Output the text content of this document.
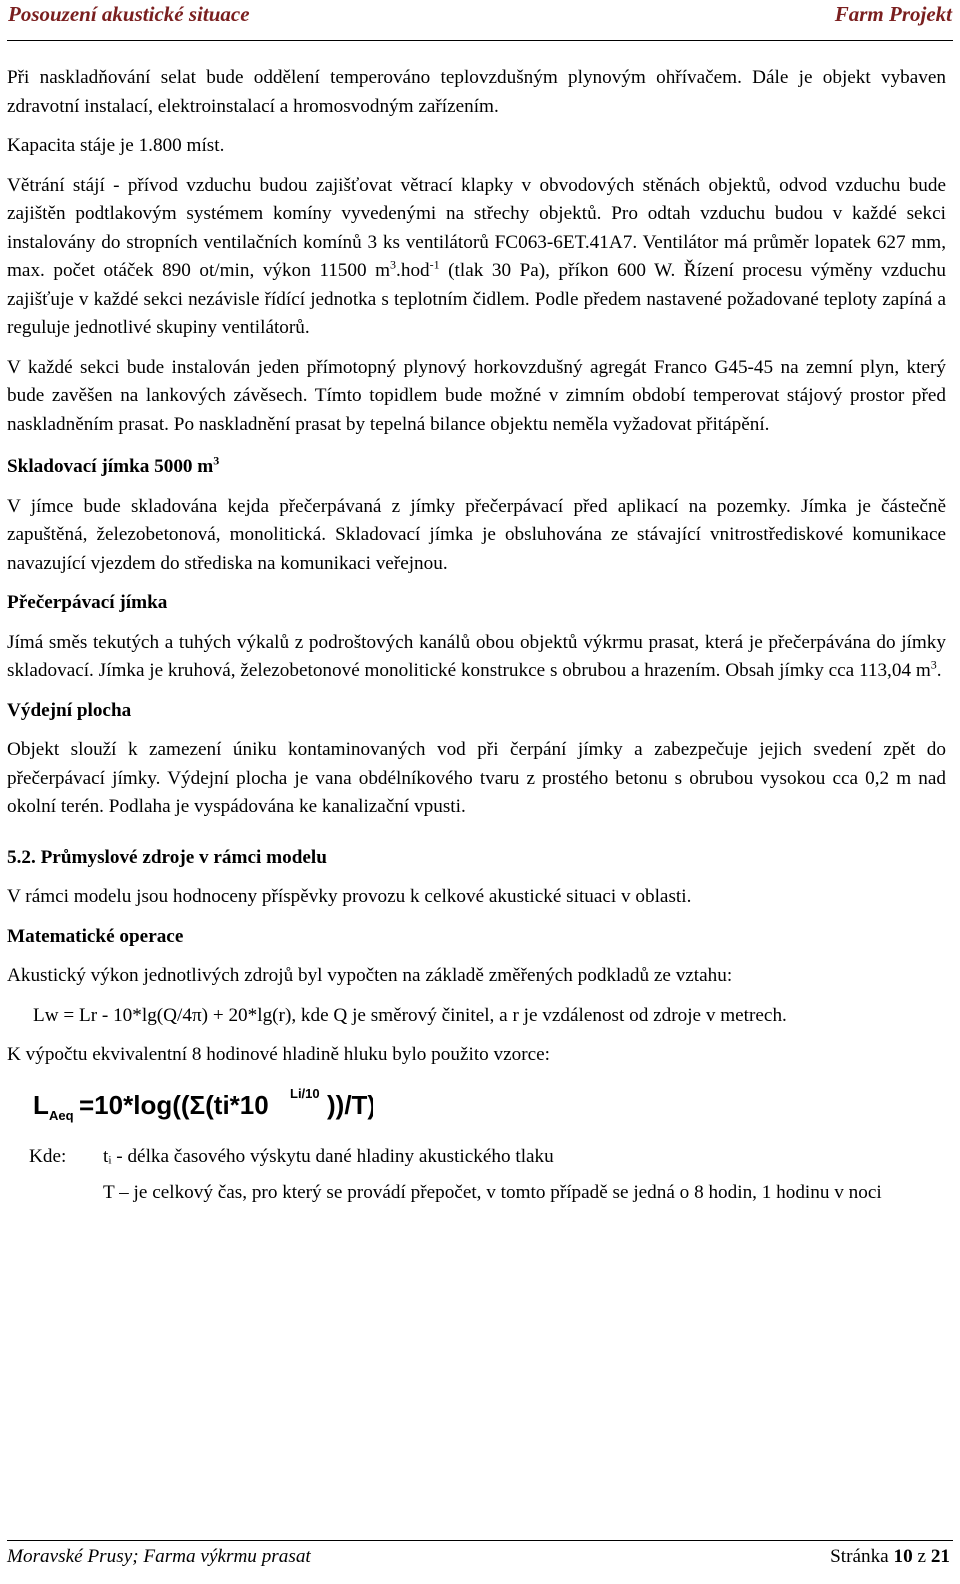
Posouzení akustické situace	Farm Projekt

Při naskladňování selat bude oddělení temperováno teplovzdušným plynovým ohřívačem. Dále je objekt vybaven zdravotní instalací, elektroinstalací a hromosvodným zařízením.

Kapacita stáje je 1.800 míst.

Větrání stájí - přívod vzduchu budou zajišťovat větrací klapky v obvodových stěnách objektů, odvod vzduchu bude zajištěn podtlakovým systémem komíny vyvedenými na střechy objektů. Pro odtah vzduchu budou v každé sekci instalovány do stropních ventilačních komínů 3 ks ventilátorů FC063-6ET.41A7. Ventilátor má průměr lopatek 627 mm, max. počet otáček 890 ot/min, výkon 11500 $m^3.hod^{-1}$ (tlak 30 Pa), příkon 600 W. Řízení procesu výměny vzduchu zajišťuje v každé sekci nezávisle řídící jednotka s teplotním čidlem. Podle předem nastavené požadované teploty zapíná a reguluje jednotlivé skupiny ventilátorů.

V každé sekci bude instalován jeden přímotopný plynový horkovzdušný agregát Franco G45-45 na zemní plyn, který bude zavěšen na lankových závěsech. Tímto topidlem bude možné v zimním období temperovat stájový prostor před naskladněním prasat. Po naskladnění prasat by tepelná bilance objektu neměla vyžadovat přitápění.

Skladovací jímka 5000 $m^3$

V jímce bude skladována kejda přečerpávaná z jímky přečerpávací před aplikací na pozemky. Jímka je částečně zapuštěná, železobetonová, monolitická. Skladovací jímka je obsluhována ze stávající vnitrostřediskové komunikace navazující vjezdem do střediska na komunikaci veřejnou.

Přečerpávací jímka

Jímá směs tekutých a tuhých výkalů z podroštových kanálů obou objektů výkrmu prasat, která je přečerpávána do jímky skladovací. Jímka je kruhová, železobetonové monolitické konstrukce s obrubou a hrazením. Obsah jímky cca 113,04 $m^3$.

Výdejní plocha

Objekt slouží k zamezení úniku kontaminovaných vod při čerpání jímky a zabezpečuje jejich svedení zpět do přečerpávací jímky. Výdejní plocha je vana obdélníkového tvaru z prostého betonu s obrubou vysokou cca 0,2 m nad okolní terén. Podlaha je vyspádována ke kanalizační vpusti.

5.2. Průmyslové zdroje v rámci modelu

V rámci modelu jsou hodnoceny příspěvky provozu k celkové akustické situaci v oblasti.

Matematické operace

Akustický výkon jednotlivých zdrojů byl vypočten na základě změřených podkladů ze vztahu:

Lw = Lr - 10*lg(Q/4π) + 20*lg(r), kde Q je směrový činitel, a r je vzdálenost od zdroje v metrech.

K výpočtu ekvivalentní 8 hodinové hladině hluku bylo použito vzorce:

L Aeq =10*log((Σ(ti*10 Li/10 ))/T)
Kde:	tᵢ - délka časového výskytu dané hladiny akustického tlaku

T – je celkový čas, pro který se provádí přepočet, v tomto případě se jedná o 8 hodin, 1 hodinu v noci

Moravské Prusy; Farma výkrmu prasat	Stránka 10 z 21
